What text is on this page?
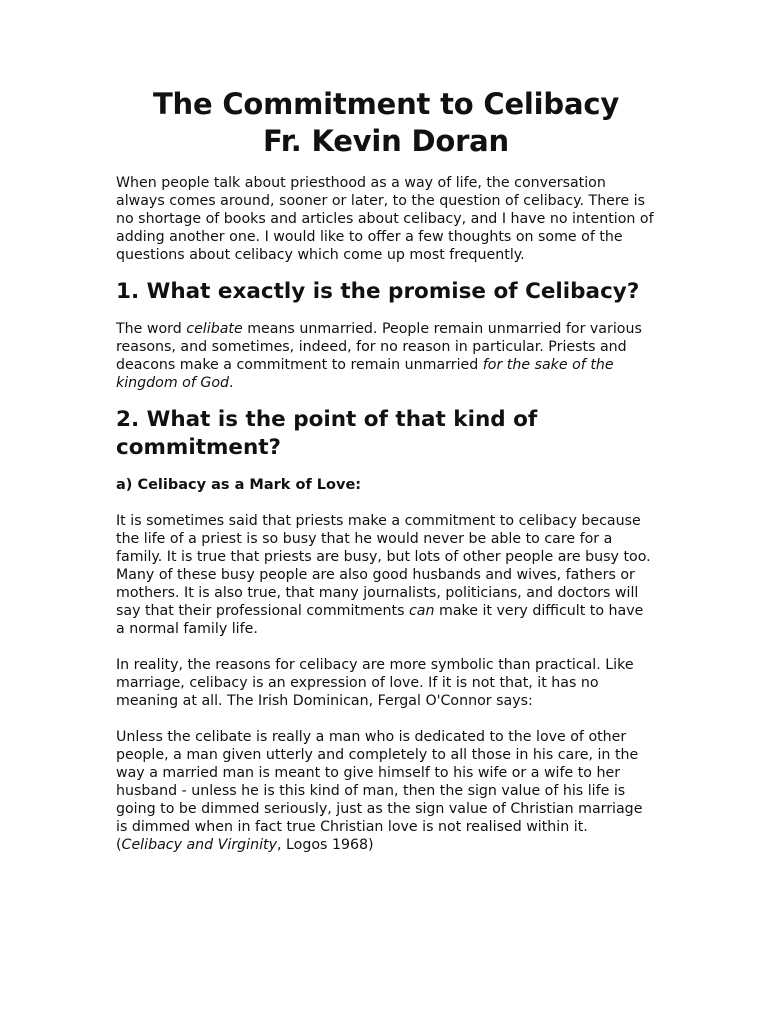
The Commitment to Celibacy
Fr. Kevin Doran

When people talk about priesthood as a way of life, the conversation always comes around, sooner or later, to the question of celibacy. There is no shortage of books and articles about celibacy, and I have no intention of adding another one. I would like to offer a few thoughts on some of the questions about celibacy which come up most frequently.

1. What exactly is the promise of Celibacy?

The word celibate means unmarried. People remain unmarried for various reasons, and sometimes, indeed, for no reason in particular. Priests and deacons make a commitment to remain unmarried for the sake of the kingdom of God.

2. What is the point of that kind of commitment?
a) Celibacy as a Mark of Love:

It is sometimes said that priests make a commitment to celibacy because the life of a priest is so busy that he would never be able to care for a family. It is true that priests are busy, but lots of other people are busy too. Many of these busy people are also good husbands and wives, fathers or mothers. It is also true, that many journalists, politicians, and doctors will say that their professional commitments can make it very difficult to have a normal family life.

In reality, the reasons for celibacy are more symbolic than practical. Like marriage, celibacy is an expression of love. If it is not that, it has no meaning at all. The Irish Dominican, Fergal O'Connor says:

Unless the celibate is really a man who is dedicated to the love of other people, a man given utterly and completely to all those in his care, in the way a married man is meant to give himself to his wife or a wife to her husband - unless he is this kind of man, then the sign value of his life is going to be dimmed seriously, just as the sign value of Christian marriage is dimmed when in fact true Christian love is not realised within it. (Celibacy and Virginity, Logos 1968)
